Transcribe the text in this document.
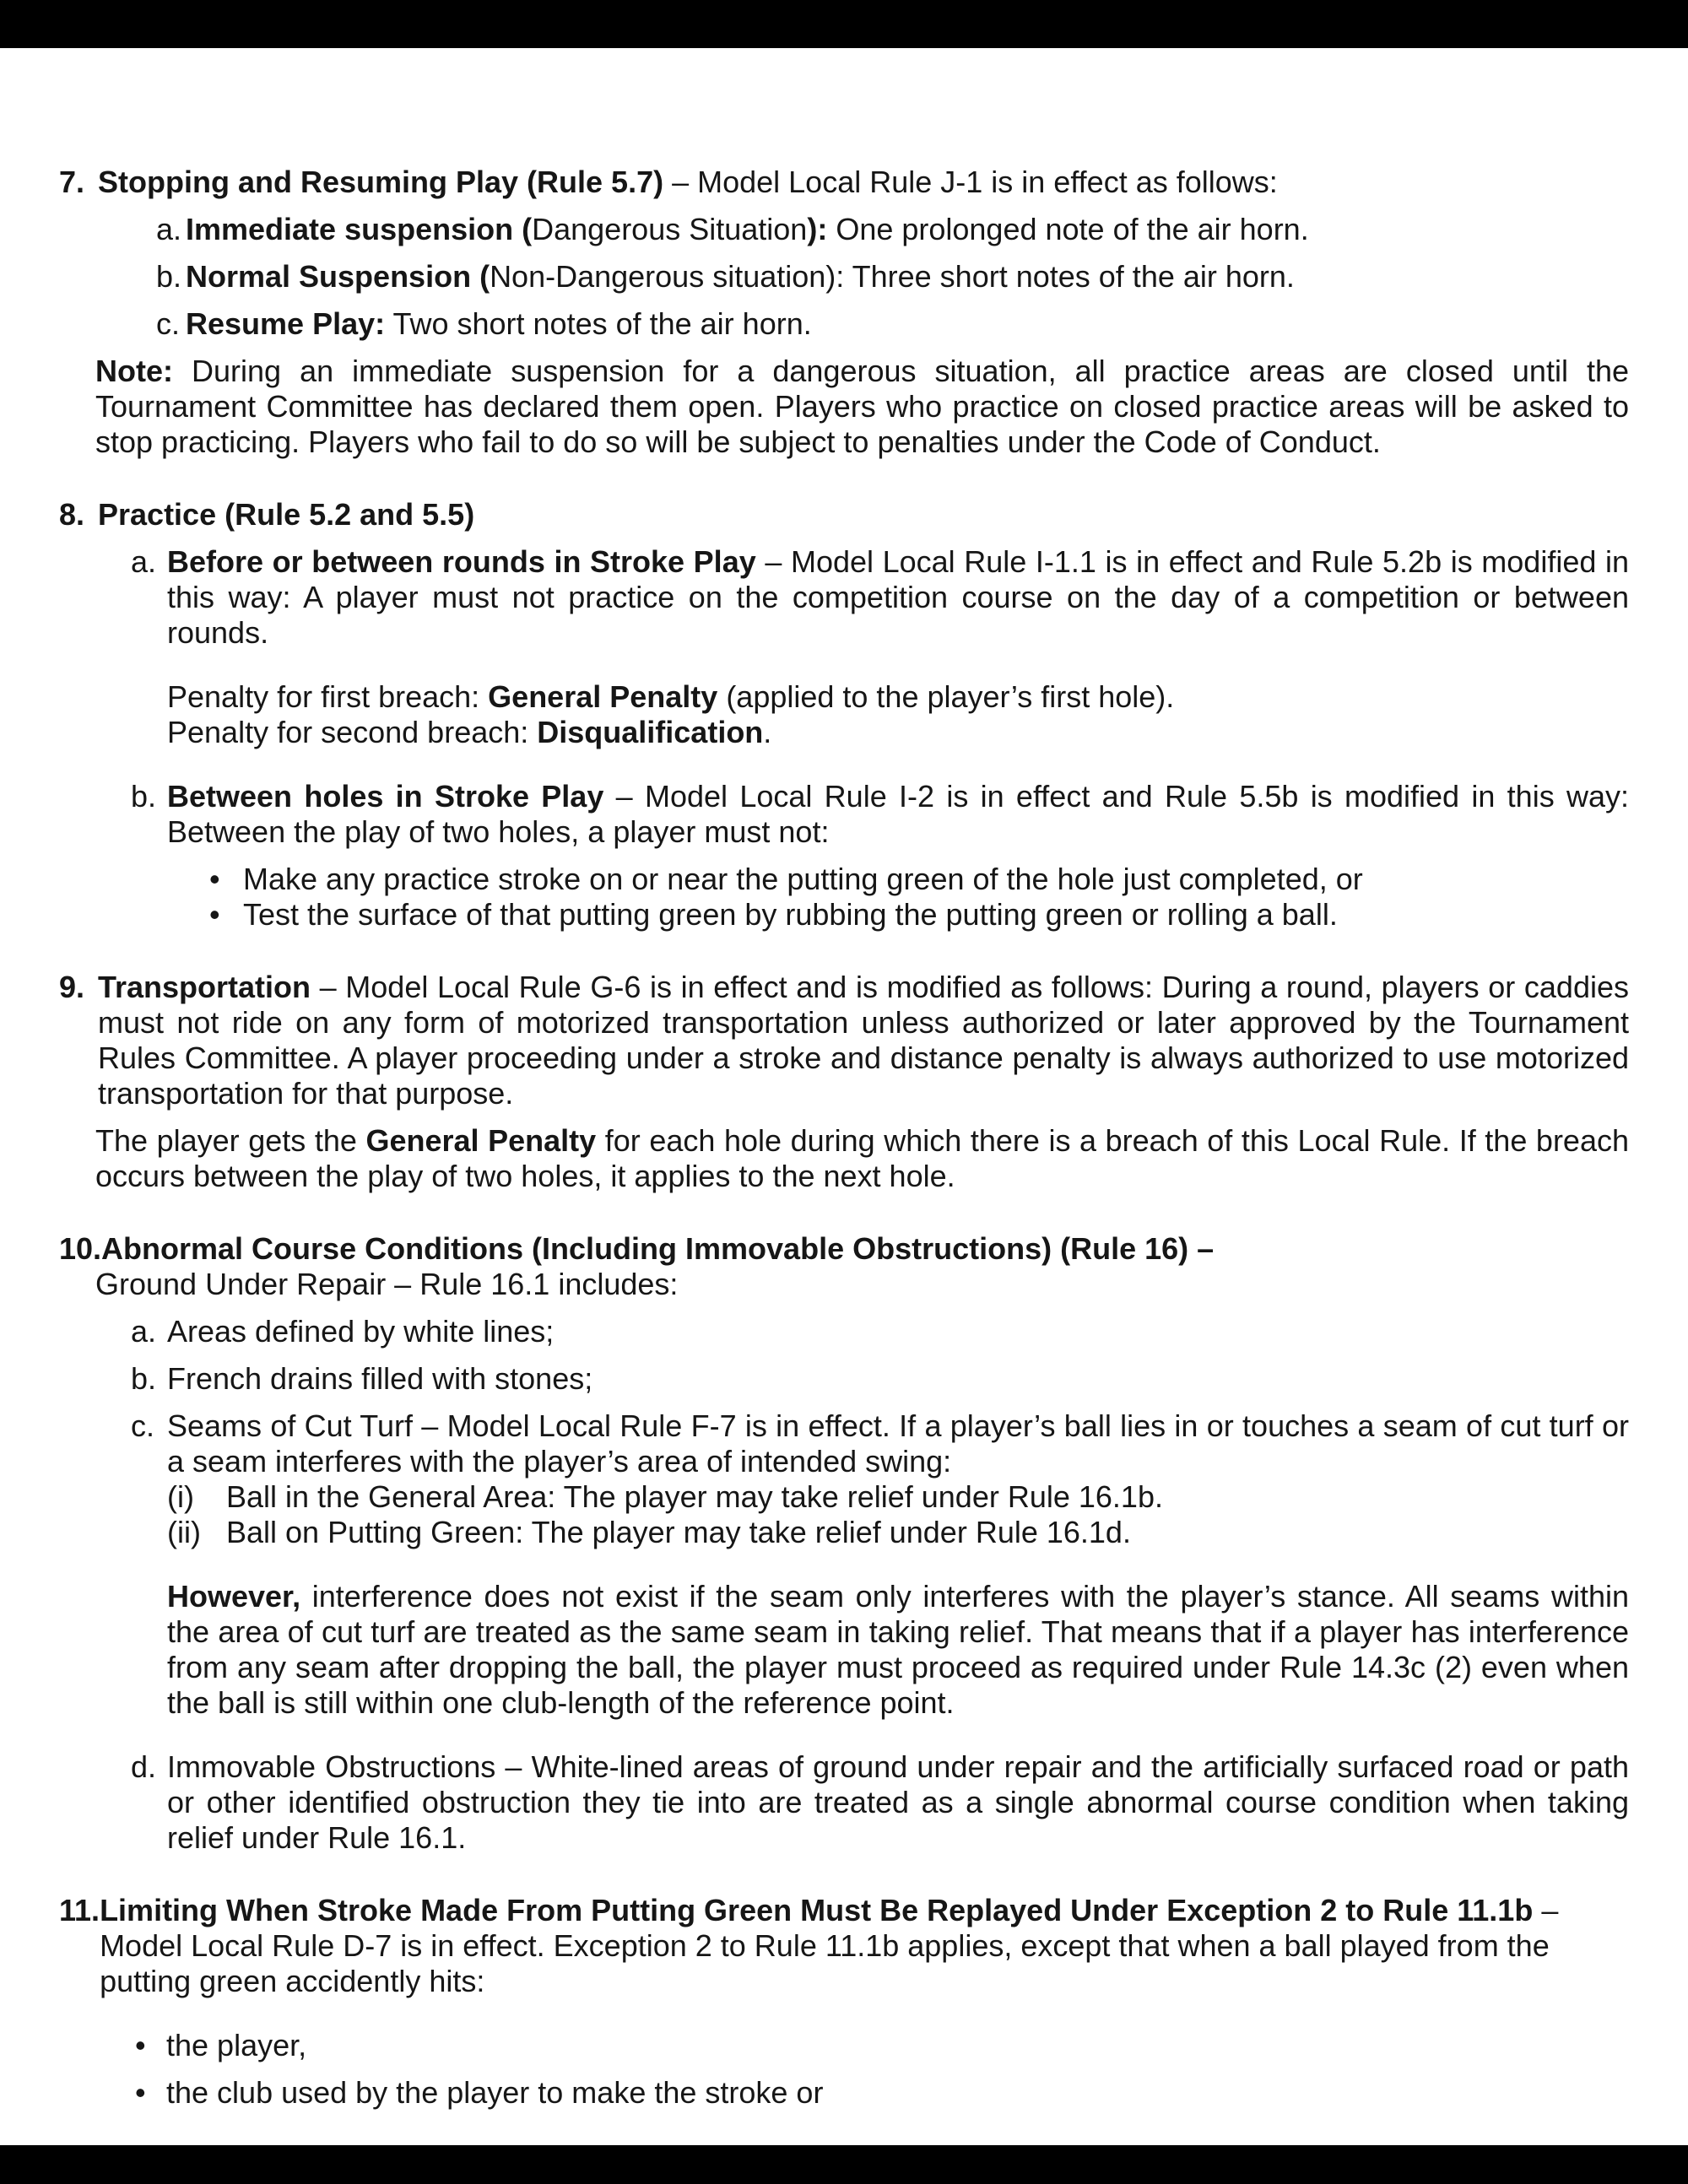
7. Stopping and Resuming Play (Rule 5.7) – Model Local Rule J-1 is in effect as follows:
a. Immediate suspension (Dangerous Situation): One prolonged note of the air horn.
b. Normal Suspension (Non-Dangerous situation): Three short notes of the air horn.
c. Resume Play: Two short notes of the air horn.
Note: During an immediate suspension for a dangerous situation, all practice areas are closed until the Tournament Committee has declared them open. Players who practice on closed practice areas will be asked to stop practicing. Players who fail to do so will be subject to penalties under the Code of Conduct.
8. Practice (Rule 5.2 and 5.5)
a. Before or between rounds in Stroke Play – Model Local Rule I-1.1 is in effect and Rule 5.2b is modified in this way: A player must not practice on the competition course on the day of a competition or between rounds.
Penalty for first breach: General Penalty (applied to the player’s first hole).
Penalty for second breach: Disqualification.
b. Between holes in Stroke Play – Model Local Rule I-2 is in effect and Rule 5.5b is modified in this way: Between the play of two holes, a player must not:
• Make any practice stroke on or near the putting green of the hole just completed, or
• Test the surface of that putting green by rubbing the putting green or rolling a ball.
9. Transportation – Model Local Rule G-6 is in effect and is modified as follows: During a round, players or caddies must not ride on any form of motorized transportation unless authorized or later approved by the Tournament Rules Committee. A player proceeding under a stroke and distance penalty is always authorized to use motorized transportation for that purpose.
The player gets the General Penalty for each hole during which there is a breach of this Local Rule. If the breach occurs between the play of two holes, it applies to the next hole.
10. Abnormal Course Conditions (Including Immovable Obstructions) (Rule 16) –
Ground Under Repair – Rule 16.1 includes:
a. Areas defined by white lines;
b. French drains filled with stones;
c. Seams of Cut Turf – Model Local Rule F-7 is in effect. If a player’s ball lies in or touches a seam of cut turf or a seam interferes with the player’s area of intended swing:
(i)	Ball in the General Area: The player may take relief under Rule 16.1b.
(ii) Ball on Putting Green: The player may take relief under Rule 16.1d.
However, interference does not exist if the seam only interferes with the player’s stance. All seams within the area of cut turf are treated as the same seam in taking relief. That means that if a player has interference from any seam after dropping the ball, the player must proceed as required under Rule 14.3c (2) even when the ball is still within one club-length of the reference point.
d. Immovable Obstructions – White-lined areas of ground under repair and the artificially surfaced road or path or other identified obstruction they tie into are treated as a single abnormal course condition when taking relief under Rule 16.1.
11. Limiting When Stroke Made From Putting Green Must Be Replayed Under Exception 2 to Rule 11.1b – Model Local Rule D-7 is in effect. Exception 2 to Rule 11.1b applies, except that when a ball played from the putting green accidently hits:
• the player,
• the club used by the player to make the stroke or
